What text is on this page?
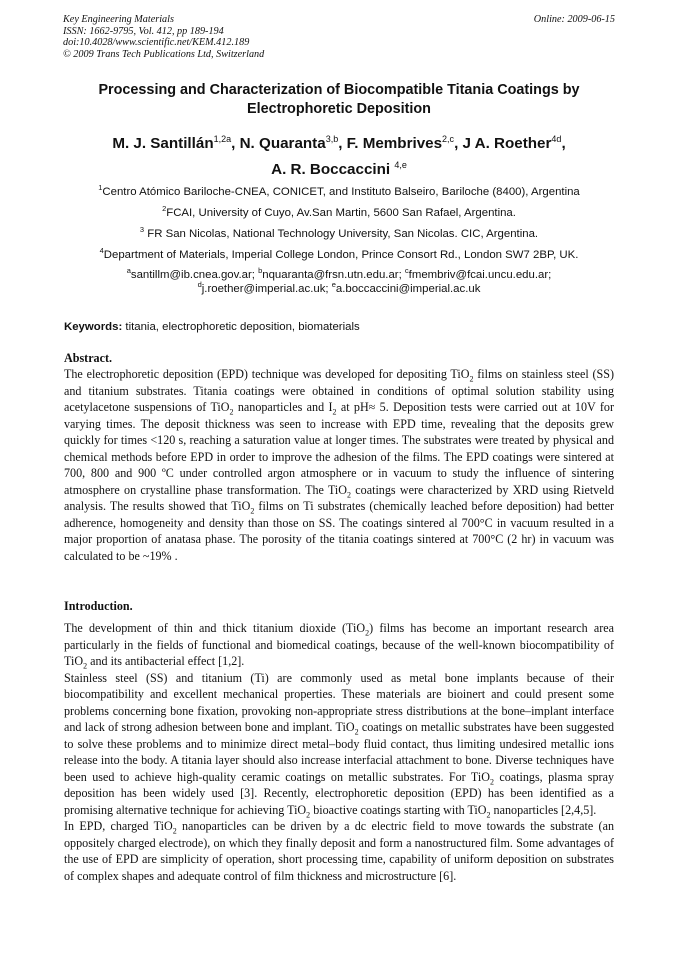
Key Engineering Materials
ISSN: 1662-9795, Vol. 412, pp 189-194
doi:10.4028/www.scientific.net/KEM.412.189
© 2009 Trans Tech Publications Ltd, Switzerland
Online: 2009-06-15
Processing and Characterization of Biocompatible Titania Coatings by
Electrophoretic Deposition
M. J. Santillán$^{1,2a}$, N. Quaranta$^{3,b}$, F. Membrives$^{2,c}$, J A. Roether$^{4d}$,
A. R. Boccaccini $^{4,e}$
$^1$Centro Atómico Bariloche-CNEA, CONICET, and Instituto Balseiro, Bariloche (8400), Argentina
$^2$FCAI, University of Cuyo, Av.San Martin, 5600 San Rafael, Argentina.
$^3$ FR San Nicolas, National Technology University, San Nicolas. CIC, Argentina.
$^4$Department of Materials, Imperial College London, Prince Consort Rd., London SW7 2BP, UK.
$^a$santillm@ib.cnea.gov.ar; $^b$nquaranta@frsn.utn.edu.ar; $^c$fmembriv@fcai.uncu.edu.ar;
$^d$j.roether@imperial.ac.uk; $^e$a.boccaccini@imperial.ac.uk
Keywords: titania, electrophoretic deposition, biomaterials
Abstract.

The electrophoretic deposition (EPD) technique was developed for depositing TiO$_2$ films on stainless steel (SS) and titanium substrates. Titania coatings were obtained in conditions of optimal solution stability using acetylacetone suspensions of TiO$_2$ nanoparticles and $I_2$ at pH≈ 5. Deposition tests were carried out at 10V for varying times. The deposit thickness was seen to increase with EPD time, revealing that the deposits grew quickly for times <120 s, reaching a saturation value at longer times. The substrates were treated by physical and chemical methods before EPD in order to improve the adhesion of the films. The EPD coatings were sintered at 700, 800 and 900 ºC under controlled argon atmosphere or in vacuum to study the influence of sintering atmosphere on crystalline phase transformation. The TiO$_2$ coatings were characterized by XRD using Rietveld analysis. The results showed that TiO$_2$ films on Ti substrates (chemically leached before deposition) had better adherence, homogeneity and density than those on SS. The coatings sintered al 700°C in vacuum resulted in a major proportion of anatasa phase. The porosity of the titania coatings sintered at 700°C (2 hr) in vacuum was calculated to be ~19% .

Introduction.

The development of thin and thick titanium dioxide (TiO$_2$) films has become an important research area particularly in the fields of functional and biomedical coatings, because of the well-known biocompatibility of TiO$_2$ and its antibacterial effect [1,2].

Stainless steel (SS) and titanium (Ti) are commonly used as metal bone implants because of their biocompatibility and excellent mechanical properties. These materials are bioinert and could present some problems concerning bone fixation, provoking non-appropriate stress distributions at the bone–implant interface and lack of strong adhesion between bone and implant. TiO$_2$ coatings on metallic substrates have been suggested to solve these problems and to minimize direct metal–body fluid contact, thus limiting undesired metallic ions release into the body. A titania layer should also increase interfacial attachment to bone. Diverse techniques have been used to achieve high-quality ceramic coatings on metallic substrates. For TiO$_2$ coatings, plasma spray deposition has been widely used [3]. Recently, electrophoretic deposition (EPD) has been identified as a promising alternative technique for achieving TiO$_2$ bioactive coatings starting with TiO$_2$ nanoparticles [2,4,5].

In EPD, charged TiO$_2$ nanoparticles can be driven by a dc electric field to move towards the substrate (an oppositely charged electrode), on which they finally deposit and form a nanostructured film. Some advantages of the use of EPD are simplicity of operation, short processing time, capability of uniform deposition on substrates of complex shapes and adequate control of film thickness and microstructure [6].
